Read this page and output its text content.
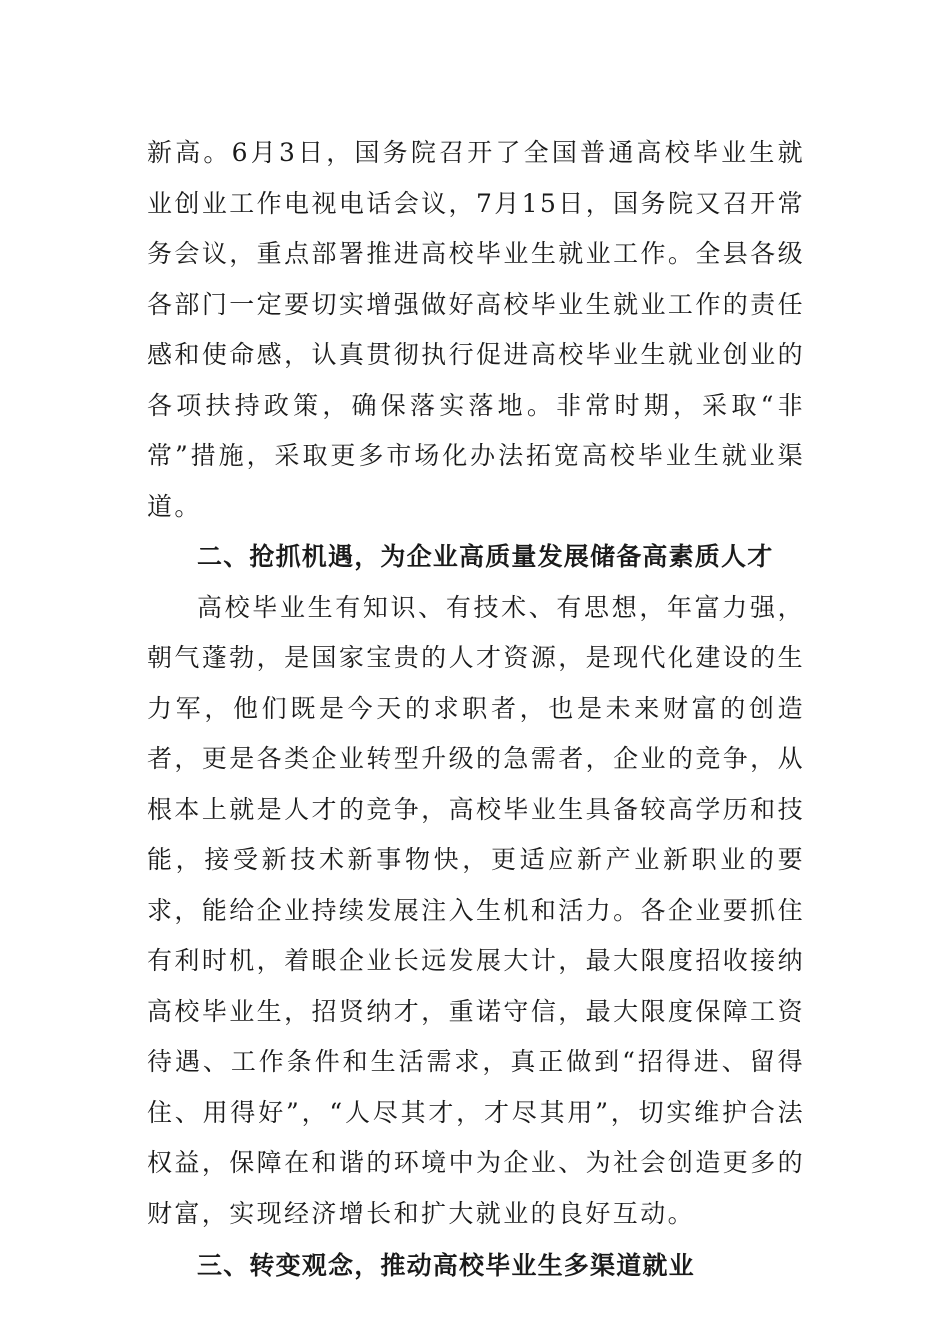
新高。6月3日，国务院召开了全国普通高校毕业生就业创业工作电视电话会议，7月15日，国务院又召开常务会议，重点部署推进高校毕业生就业工作。全县各级各部门一定要切实增强做好高校毕业生就业工作的责任感和使命感，认真贯彻执行促进高校毕业生就业创业的各项扶持政策，确保落实落地。非常时期，采取“非常”措施，采取更多市场化办法拓宽高校毕业生就业渠道。

二、抢抓机遇，为企业高质量发展储备高素质人才

高校毕业生有知识、有技术、有思想，年富力强，朝气蓬勃，是国家宝贵的人才资源，是现代化建设的生力军，他们既是今天的求职者，也是未来财富的创造者，更是各类企业转型升级的急需者，企业的竞争，从根本上就是人才的竞争，高校毕业生具备较高学历和技能，接受新技术新事物快，更适应新产业新职业的要求，能给企业持续发展注入生机和活力。各企业要抓住有利时机，着眼企业长远发展大计，最大限度招收接纳高校毕业生，招贤纳才，重诺守信，最大限度保障工资待遇、工作条件和生活需求，真正做到“招得进、留得住、用得好”，“人尽其才，才尽其用”，切实维护合法权益，保障在和谐的环境中为企业、为社会创造更多的财富，实现经济增长和扩大就业的良好互动。

三、转变观念，推动高校毕业生多渠道就业
